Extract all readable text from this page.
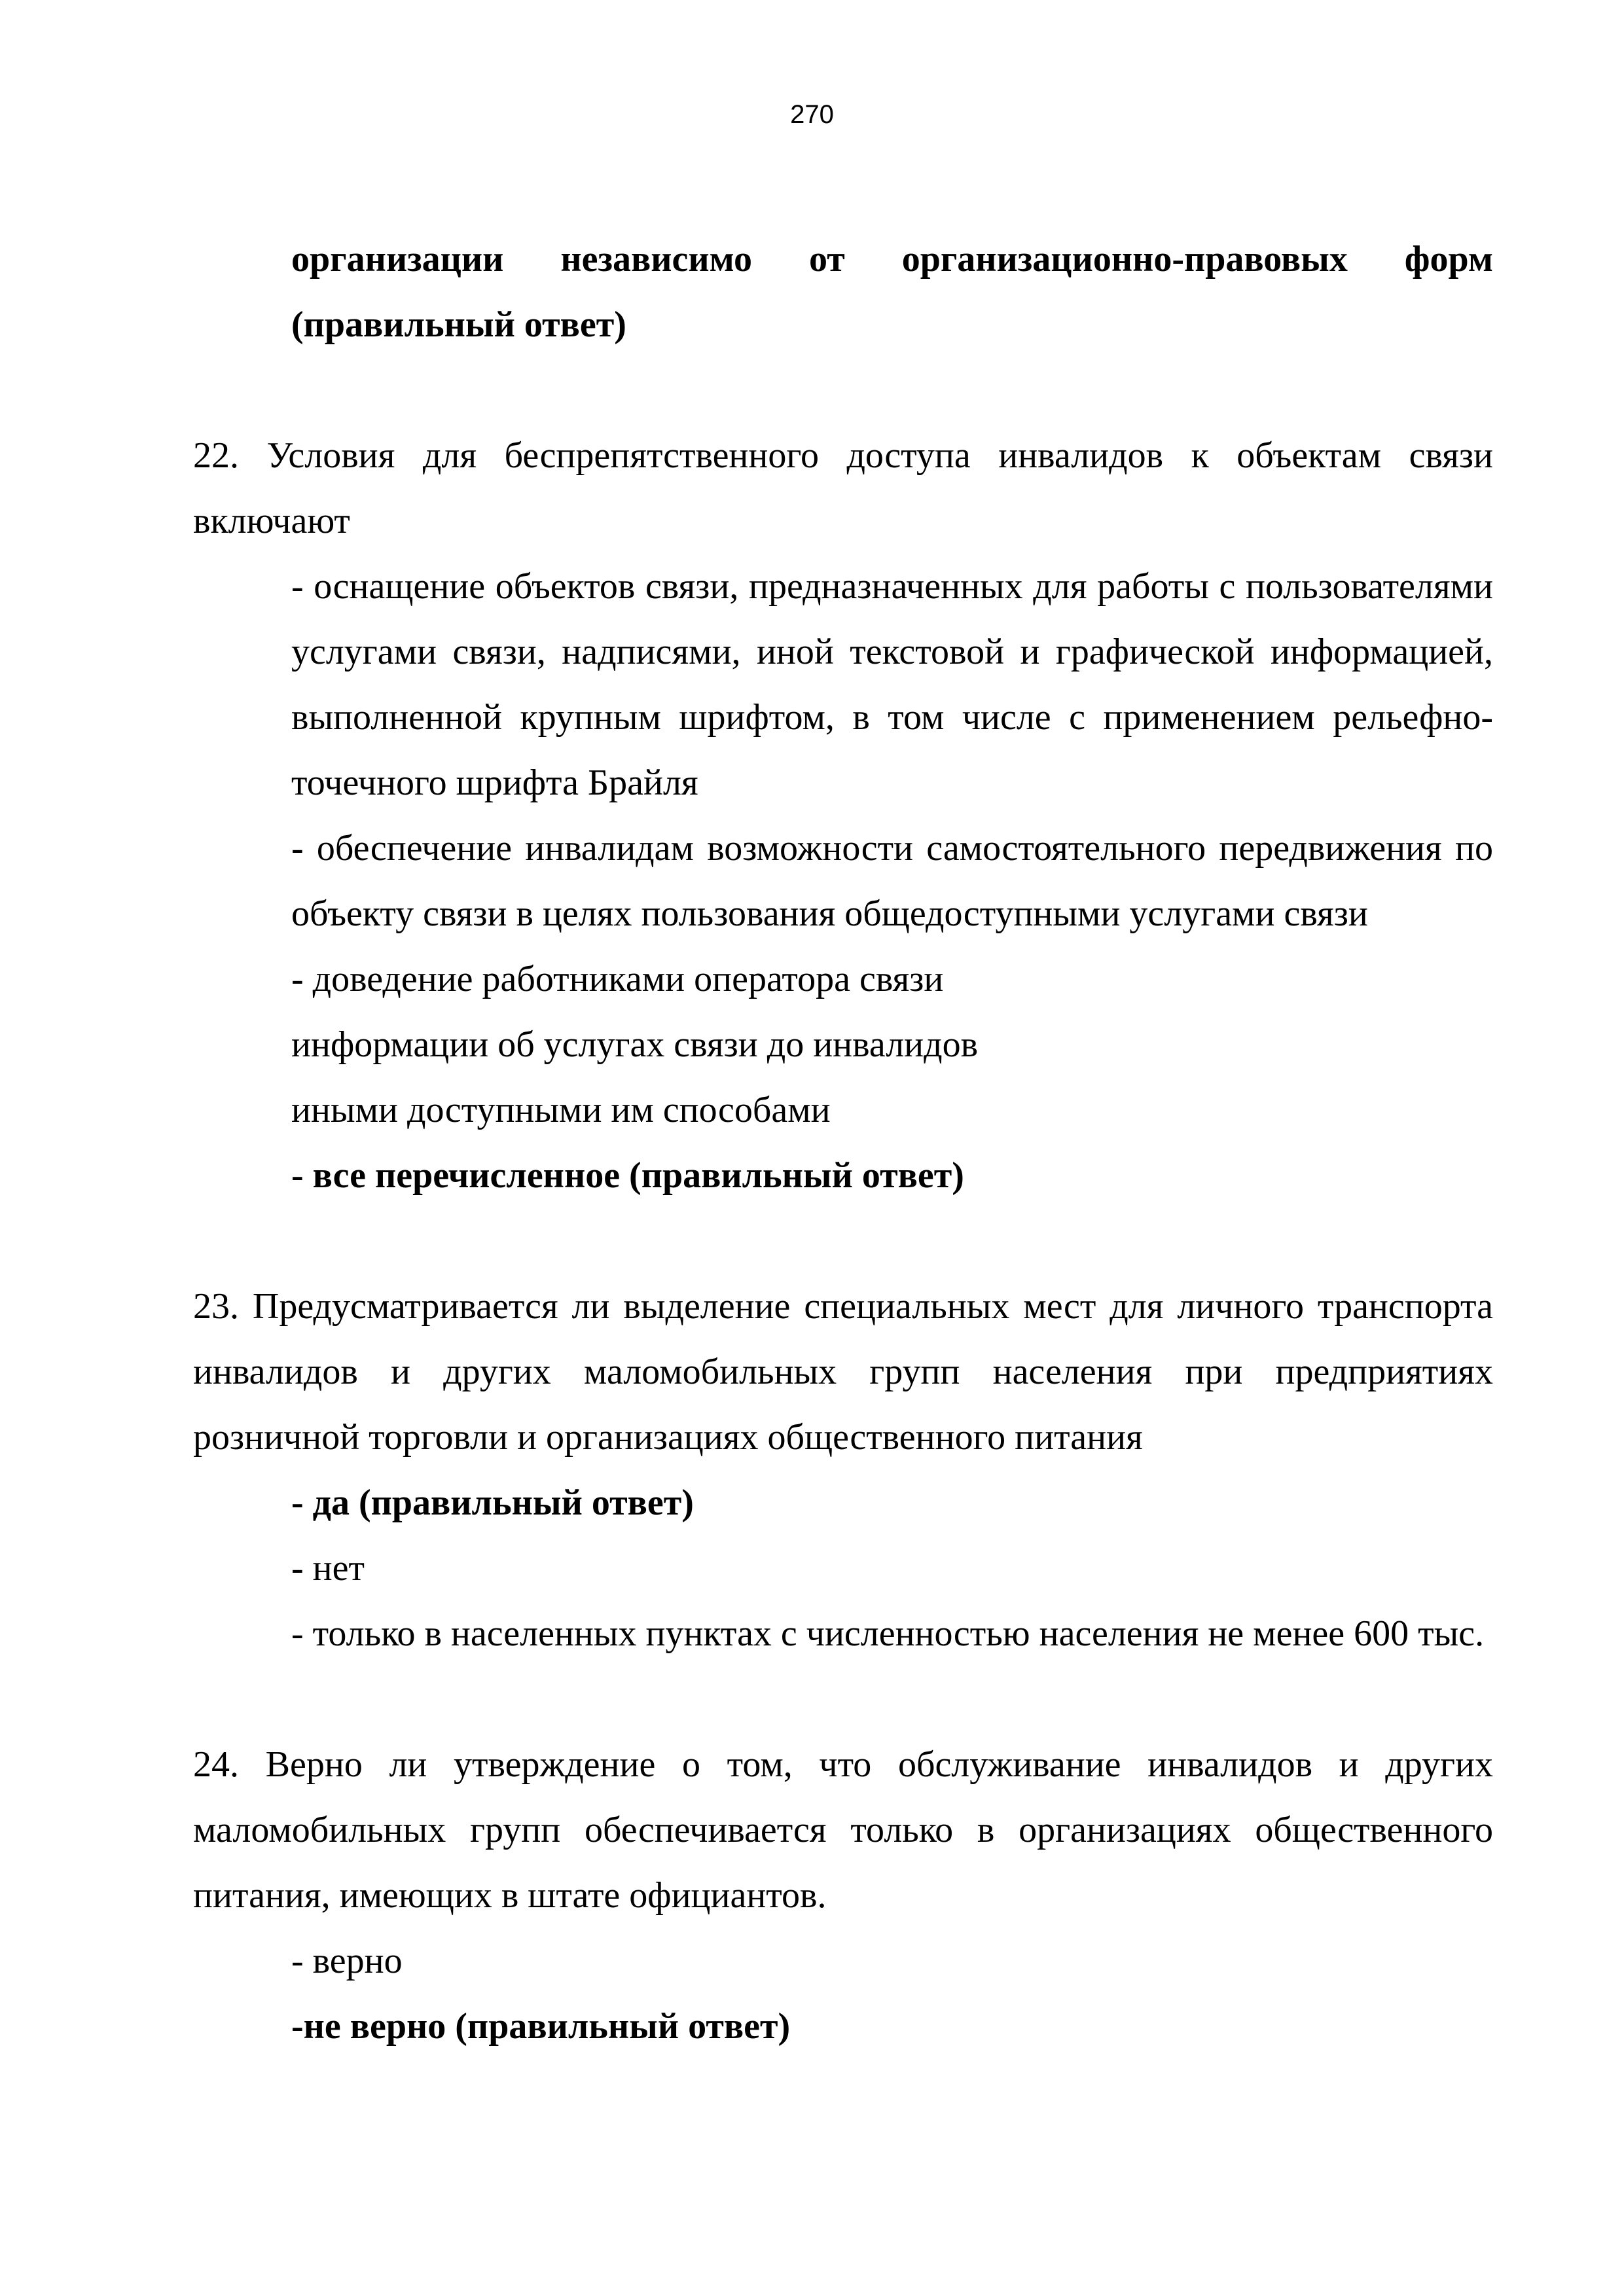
270

организации независимо от организационно-правовых форм (правильный ответ)

22. Условия для беспрепятственного доступа инвалидов к объектам связи включают

- оснащение объектов связи, предназначенных для работы с пользователями услугами связи, надписями, иной текстовой и графической информацией, выполненной крупным шрифтом, в том числе с применением рельефно-точечного шрифта Брайля

- обеспечение инвалидам возможности самостоятельного передвижения по объекту связи в целях пользования общедоступными услугами связи

- доведение работниками оператора связи информации об услугах связи до инвалидов иными доступными им способами

- все перечисленное (правильный ответ)

23. Предусматривается ли выделение специальных мест для личного транспорта инвалидов и других маломобильных групп населения при предприятиях розничной торговли и организациях общественного питания

- да (правильный ответ)

- нет

- только в населенных пунктах с численностью населения не менее 600 тыс.

24. Верно ли утверждение о том, что обслуживание инвалидов и других маломобильных групп обеспечивается только в организациях общественного питания, имеющих в штате официантов.

- верно

-не верно (правильный ответ)
